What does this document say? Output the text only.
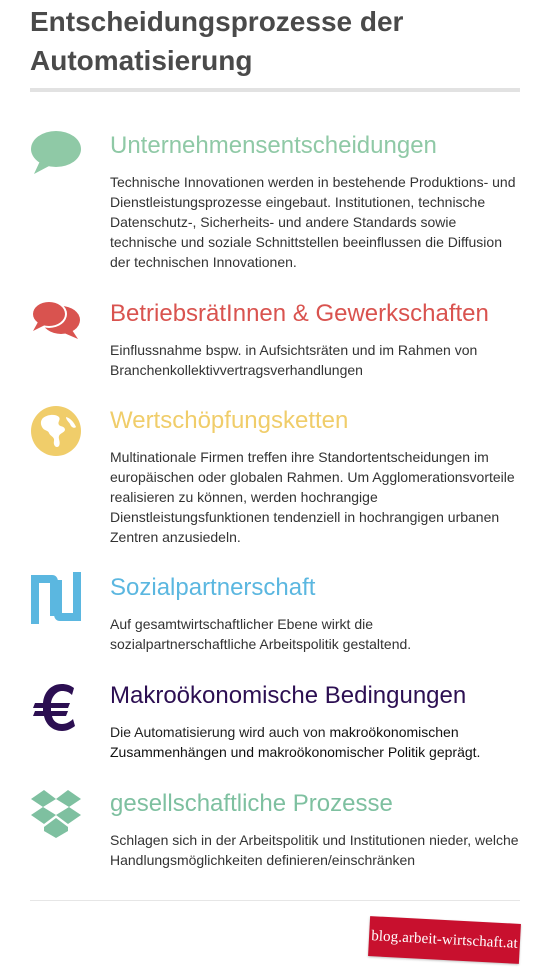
Entscheidungsprozesse der Automatisierung
Unternehmensentscheidungen

Technische Innovationen werden in bestehende Produktions- und Dienstleistungsprozesse eingebaut. Institutionen, technische Datenschutz-, Sicherheits- und andere Standards sowie technische und soziale Schnittstellen beeinflussen die Diffusion der technischen Innovationen.

BetriebsrätInnen & Gewerkschaften

Einflussnahme bspw. in Aufsichtsräten und im Rahmen von Branchenkollektivvertragsverhandlungen

Wertschöpfungsketten

Multinationale Firmen treffen ihre Standortentscheidungen im europäischen oder globalen Rahmen. Um Agglomerationsvorteile realisieren zu können, werden hochrangige Dienstleistungsfunktionen tendenziell in hochrangigen urbanen Zentren anzusiedeln.

Sozialpartnerschaft

Auf gesamtwirtschaftlicher Ebene wirkt die sozialpartnerschaftliche Arbeitspolitik gestaltend.

Makroökonomische Bedingungen

Die Automatisierung wird auch von makroökonomischen Zusammenhängen und makroökonomischer Politik geprägt.

gesellschaftliche Prozesse

Schlagen sich in der Arbeitspolitik und Institutionen nieder, welche Handlungsmöglichkeiten definieren/einschränken

blog.arbeit-wirtschaft.at
